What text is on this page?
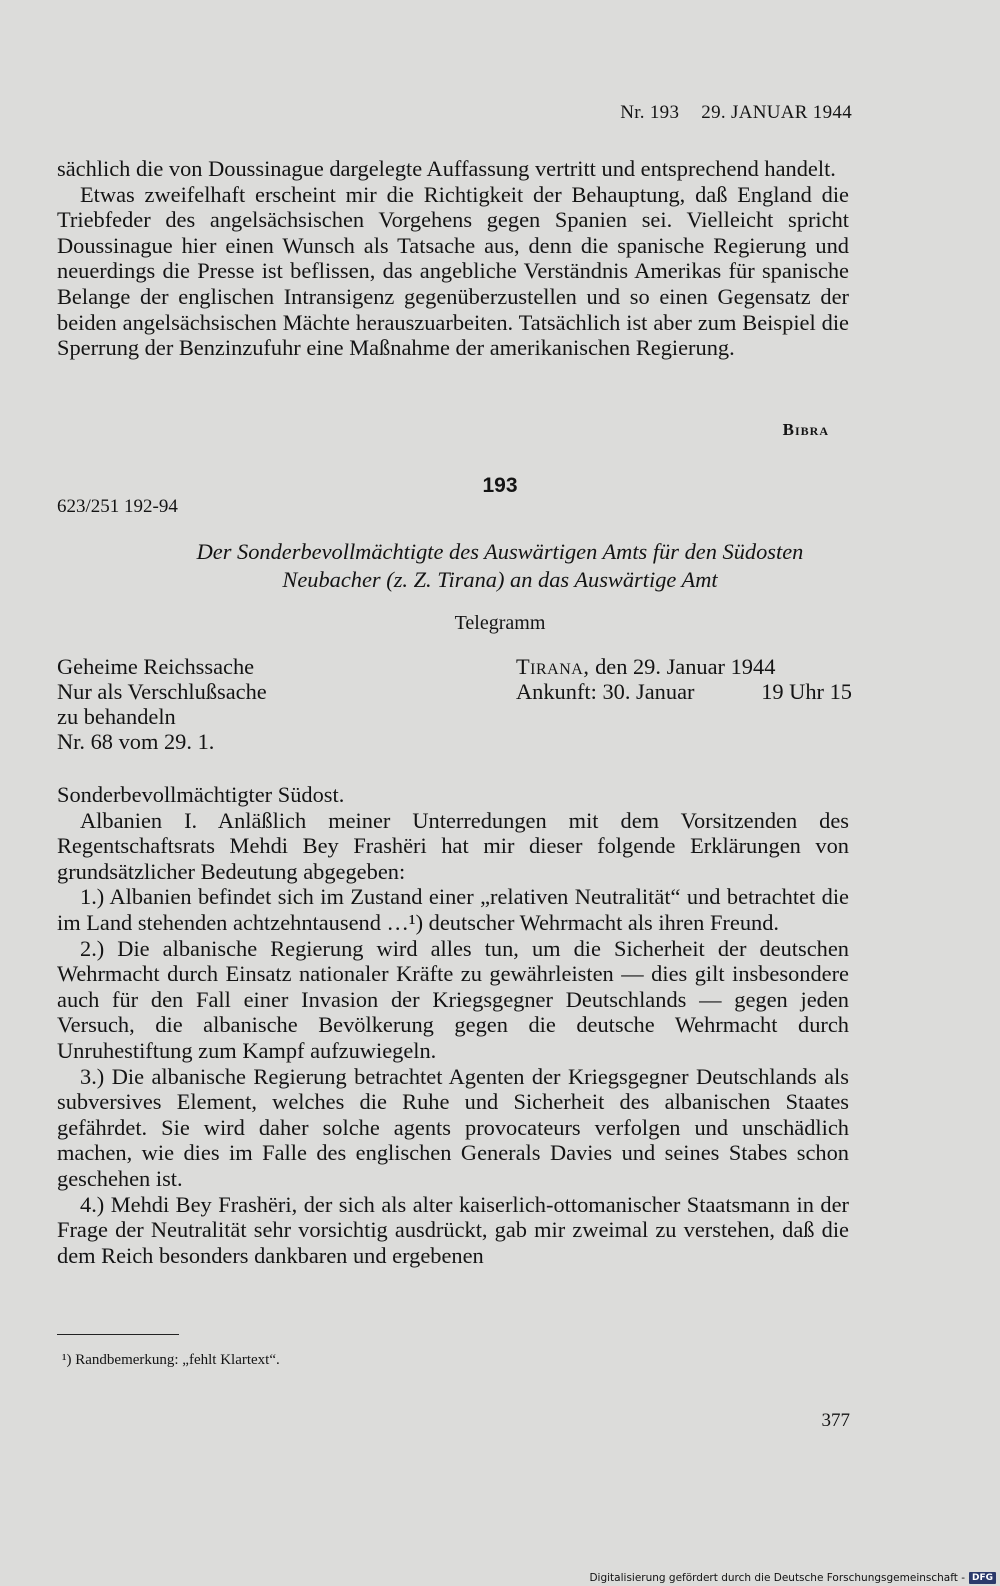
Nr. 193 29. JANUAR 1944

sächlich die von Doussinague dargelegte Auffassung vertritt und entsprechend handelt.

Etwas zweifelhaft erscheint mir die Richtigkeit der Behauptung, daß England die Triebfeder des angelsächsischen Vorgehens gegen Spanien sei. Vielleicht spricht Doussinague hier einen Wunsch als Tatsache aus, denn die spanische Regierung und neuerdings die Presse ist beflissen, das angebliche Verständnis Amerikas für spanische Belange der englischen Intransigenz gegenüberzustellen und so einen Gegensatz der beiden angelsächsischen Mächte herauszuarbeiten. Tatsächlich ist aber zum Beispiel die Sperrung der Benzinzufuhr eine Maßnahme der amerikanischen Regierung.

Bibra
193
623/251 192-94
Der Sonderbevollmächtigte des Auswärtigen Amts für den Südosten
Neubacher (z. Z. Tirana) an das Auswärtige Amt
Telegramm
Geheime Reichssache
Nur als Verschlußsache
zu behandeln
Nr. 68 vom 29. 1.
Tirana, den 29. Januar 1944
Ankunft: 30. Januar	19 Uhr 15

Sonderbevollmächtigter Südost.

Albanien I. Anläßlich meiner Unterredungen mit dem Vorsitzenden des Regentschaftsrats Mehdi Bey Frashëri hat mir dieser folgende Erklärungen von grundsätzlicher Bedeutung abgegeben:

1.) Albanien befindet sich im Zustand einer „relativen Neutralität“ und betrachtet die im Land stehenden achtzehntausend …¹) deutscher Wehrmacht als ihren Freund.

2.) Die albanische Regierung wird alles tun, um die Sicherheit der deutschen Wehrmacht durch Einsatz nationaler Kräfte zu gewährleisten — dies gilt insbesondere auch für den Fall einer Invasion der Kriegsgegner Deutschlands — gegen jeden Versuch, die albanische Bevölkerung gegen die deutsche Wehrmacht durch Unruhestiftung zum Kampf aufzuwiegeln.

3.) Die albanische Regierung betrachtet Agenten der Kriegsgegner Deutschlands als subversives Element, welches die Ruhe und Sicherheit des albanischen Staates gefährdet. Sie wird daher solche agents provocateurs verfolgen und unschädlich machen, wie dies im Falle des englischen Generals Davies und seines Stabes schon geschehen ist.

4.) Mehdi Bey Frashëri, der sich als alter kaiserlich-ottomanischer Staatsmann in der Frage der Neutralität sehr vorsichtig ausdrückt, gab mir zweimal zu verstehen, daß die dem Reich besonders dankbaren und ergebenen

¹) Randbemerkung: „fehlt Klartext“.
377
Digitalisierung gefördert durch die Deutsche Forschungsgemeinschaft - DFG
